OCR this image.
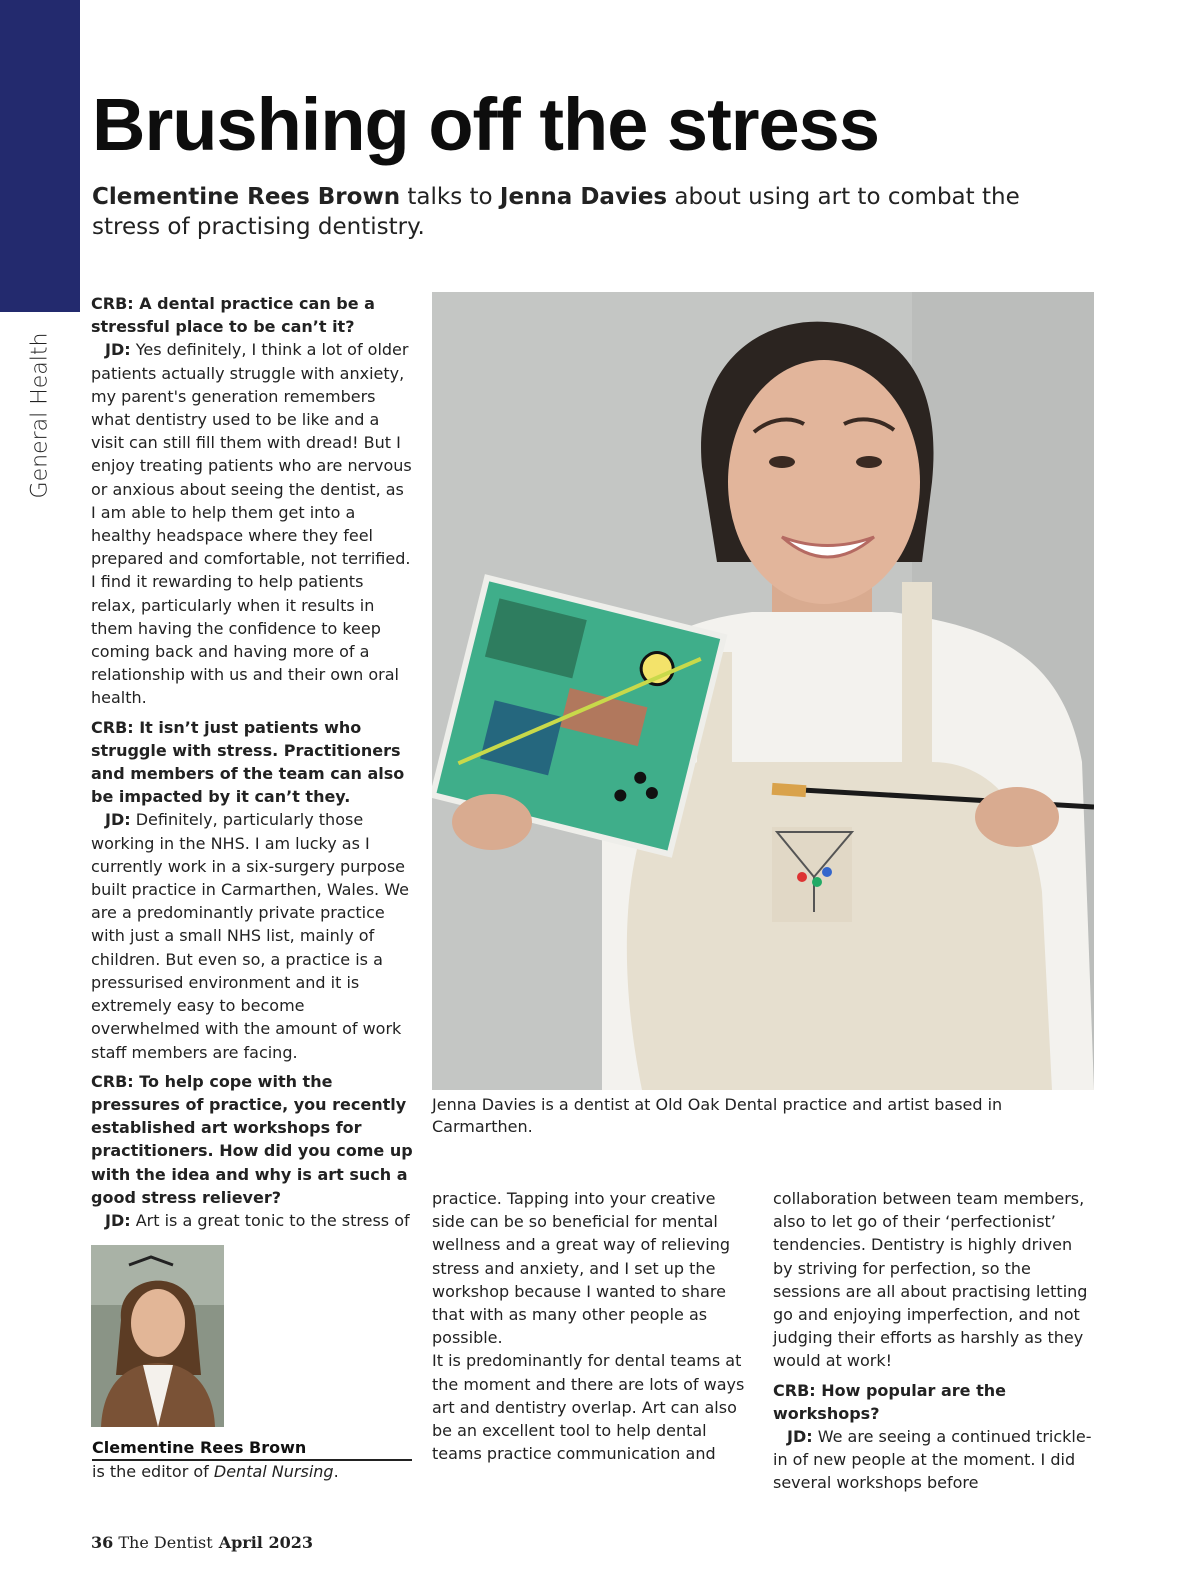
General Health
Brushing off the stress

Clementine Rees Brown talks to Jenna Davies about using art to combat the stress of practising dentistry.

CRB: A dental practice can be a stressful place to be can’t it?

JD: Yes definitely, I think a lot of older patients actually struggle with anxiety, my parent's generation remembers what dentistry used to be like and a visit can still fill them with dread! But I enjoy treating patients who are nervous or anxious about seeing the dentist, as I am able to help them get into a healthy headspace where they feel prepared and comfortable, not terrified. I find it rewarding to help patients relax, particularly when it results in them having the confidence to keep coming back and having more of a relationship with us and their own oral health.

CRB: It isn’t just patients who struggle with stress. Practitioners and members of the team can also be impacted by it can’t they.

JD: Definitely, particularly those working in the NHS. I am lucky as I currently work in a six-surgery purpose built practice in Carmarthen, Wales. We are a predominantly private practice with just a small NHS list, mainly of children. But even so, a practice is a pressurised environment and it is extremely easy to become overwhelmed with the amount of work staff members are facing.

CRB: To help cope with the pressures of practice, you recently established art workshops for practitioners. How did you come up with the idea and why is art such a good stress reliever?

JD: Art is a great tonic to the stress of

Jenna Davies is a dentist at Old Oak Dental practice and artist based in Carmarthen.

practice. Tapping into your creative side can be so beneficial for mental wellness and a great way of relieving stress and anxiety, and I set up the workshop because I wanted to share that with as many other people as possible.

It is predominantly for dental teams at the moment and there are lots of ways art and dentistry overlap. Art can also be an excellent tool to help dental teams practice communication and

collaboration between team members, also to let go of their ‘perfectionist’ tendencies. Dentistry is highly driven by striving for perfection, so the sessions are all about practising letting go and enjoying imperfection, and not judging their efforts as harshly as they would at work!

CRB: How popular are the workshops?

JD: We are seeing a continued trickle-in of new people at the moment. I did several workshops before

Clementine Rees Brown

is the editor of Dental Nursing.

36 The Dentist April 2023
